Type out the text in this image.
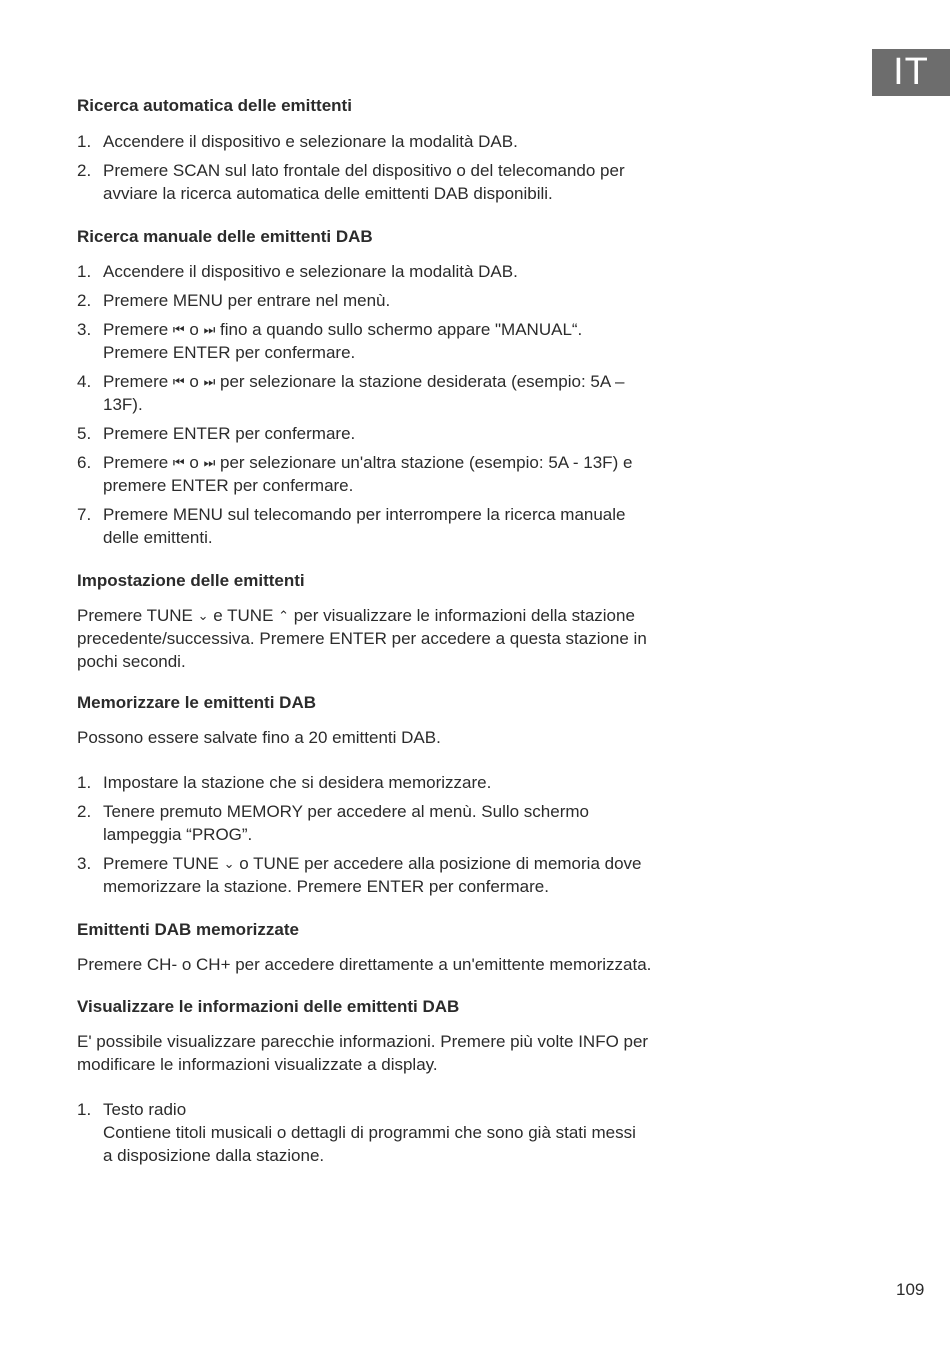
IT

Ricerca automatica delle emittenti

1. Accendere il dispositivo e selezionare la modalità DAB.
2. Premere SCAN sul lato frontale del dispositivo o del telecomando per
avviare la ricerca automatica delle emittenti DAB disponibili.

Ricerca manuale delle emittenti DAB

1. Accendere il dispositivo e selezionare la modalità DAB.
2. Premere MENU per entrare nel menù.
3. Premere ⏮ o ⏭ fino a quando sullo schermo appare "MANUAL“.
Premere ENTER per confermare.
4. Premere ⏮ o ⏭ per selezionare la stazione desiderata (esempio: 5A –
13F).
5. Premere ENTER per confermare.
6. Premere ⏮ o ⏭ per selezionare un'altra stazione (esempio: 5A - 13F) e
premere ENTER per confermare.
7. Premere MENU sul telecomando per interrompere la ricerca manuale
delle emittenti.

Impostazione delle emittenti

Premere TUNE ⌄ e TUNE ⌃ per visualizzare le informazioni della stazione
precedente/successiva. Premere ENTER per accedere a questa stazione in
pochi secondi.

Memorizzare le emittenti DAB

Possono essere salvate fino a 20 emittenti DAB.

1. Impostare la stazione che si desidera memorizzare.
2. Tenere premuto MEMORY per accedere al menù. Sullo schermo
lampeggia “PROG”.
3. Premere TUNE ⌄ o TUNE per accedere alla posizione di memoria dove
memorizzare la stazione. Premere ENTER per confermare.

Emittenti DAB memorizzate

Premere CH- o CH+ per accedere direttamente a un'emittente memorizzata.

Visualizzare le informazioni delle emittenti DAB

E' possibile visualizzare parecchie informazioni. Premere più volte INFO per
modificare le informazioni visualizzate a display.

1. Testo radio
Contiene titoli musicali o dettagli di programmi che sono già stati messi
a disposizione dalla stazione.
109
